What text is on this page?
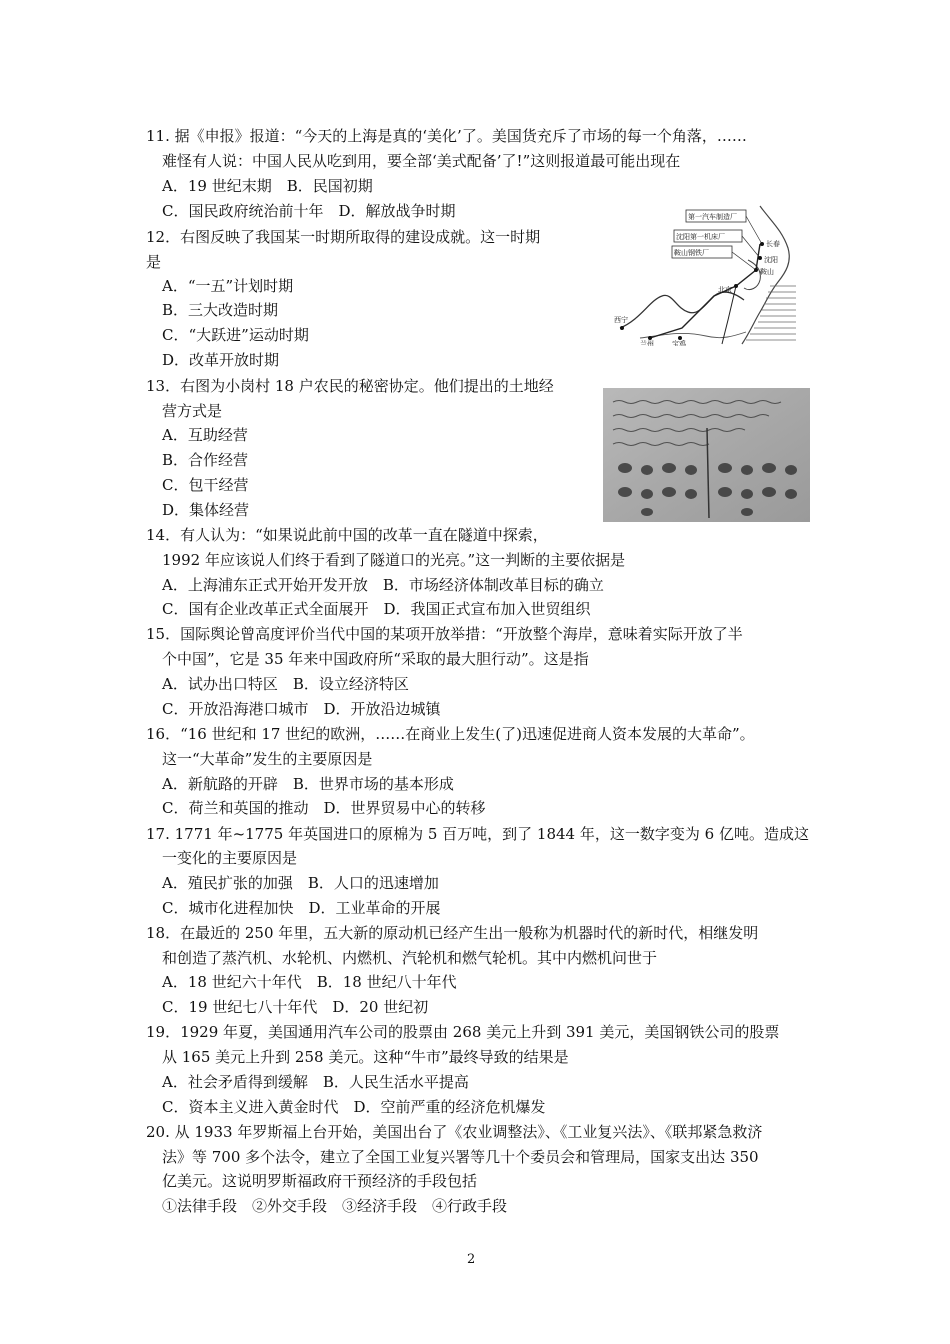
11. 据《申报》报道：“今天的上海是真的‘美化’了。美国货充斥了市场的每一个角落，……
难怪有人说：中国人民从吃到用，要全部‘美式配备’了!”这则报道最可能出现在
A．19 世纪末期　B．民国初期
C．国民政府统治前十年　D．解放战争时期
12．右图反映了我国某一时期所取得的建设成就。这一时期
是
A．“一五”计划时期
B．三大改造时期
C．“大跃进”运动时期
D．改革开放时期
13．右图为小岗村 18 户农民的秘密协定。他们提出的土地经
营方式是
A．互助经营
B．合作经营
C．包干经营
D．集体经营
14．有人认为：“如果说此前中国的改革一直在隧道中探索，
1992 年应该说人们终于看到了隧道口的光亮。”这一判断的主要依据是
A．上海浦东正式开始开发开放　B．市场经济体制改革目标的确立
C．国有企业改革正式全面展开　D．我国正式宣布加入世贸组织
15．国际舆论曾高度评价当代中国的某项开放举措：“开放整个海岸，意味着实际开放了半
个中国”，它是 35 年来中国政府所“采取的最大胆行动”。这是指
A．试办出口特区　B．设立经济特区
C．开放沿海港口城市　D．开放沿边城镇
16．“16 世纪和 17 世纪的欧洲，……在商业上发生(了)迅速促进商人资本发展的大革命”。
这一“大革命”发生的主要原因是
A．新航路的开辟　B．世界市场的基本形成
C．荷兰和英国的推动　D．世界贸易中心的转移
17. 1771 年~1775 年英国进口的原棉为 5 百万吨，到了 1844 年，这一数字变为 6 亿吨。造成这
一变化的主要原因是
A．殖民扩张的加强　B．人口的迅速增加
C．城市化进程加快　D．工业革命的开展
18．在最近的 250 年里，五大新的原动机已经产生出一般称为机器时代的新时代，相继发明
和创造了蒸汽机、水轮机、内燃机、汽轮机和燃气轮机。其中内燃机问世于
A．18 世纪六十年代　B．18 世纪八十年代
C．19 世纪七八十年代　D．20 世纪初
19．1929 年夏，美国通用汽车公司的股票由 268 美元上升到 391 美元，美国钢铁公司的股票
从 165 美元上升到 258 美元。这种“牛市”最终导致的结果是
A．社会矛盾得到缓解　B．人民生活水平提高
C．资本主义进入黄金时代　D．空前严重的经济危机爆发
20. 从 1933 年罗斯福上台开始，美国出台了《农业调整法》、《工业复兴法》、《联邦紧急救济
法》等 700 多个法令，建立了全国工业复兴署等几十个委员会和管理局，国家支出达 350
亿美元。这说明罗斯福政府干预经济的手段包括
①法律手段　②外交手段　③经济手段　④行政手段
第一汽车制造厂
沈阳第一机床厂
鞍山钢铁厂
长春
沈阳
鞍山
北京
西宁
兰州	宝鸡
2
